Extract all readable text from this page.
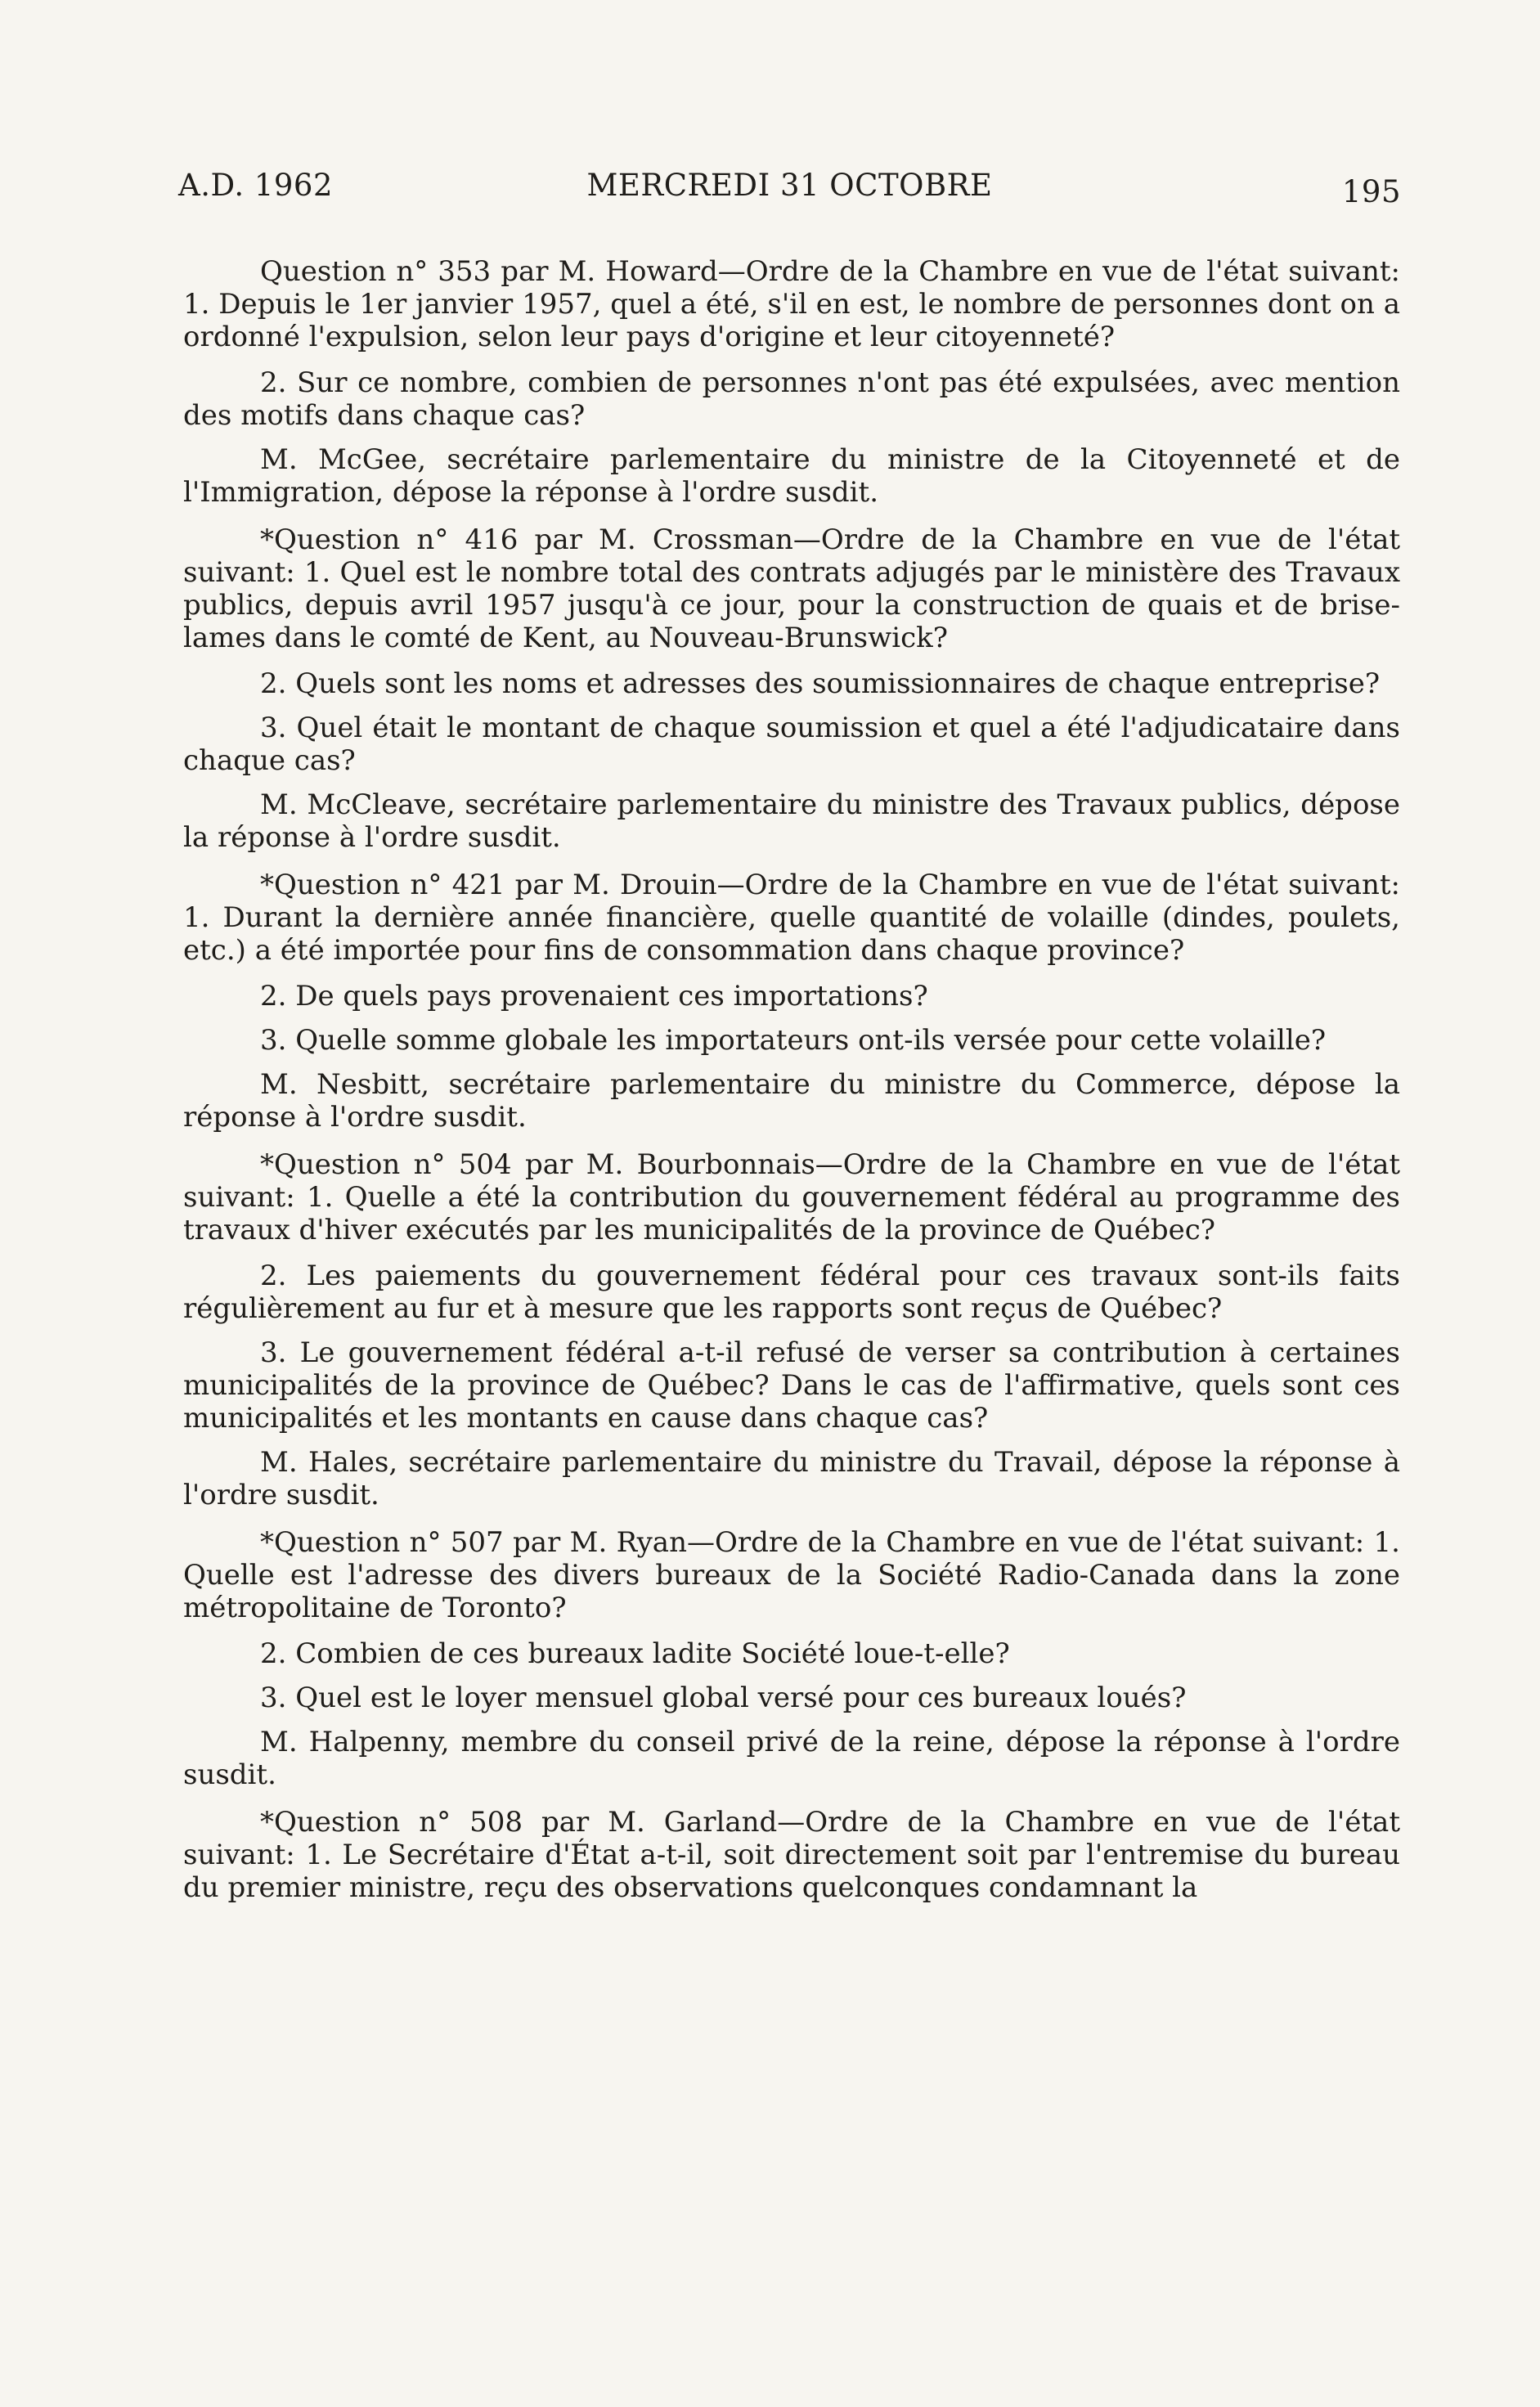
A.D. 1962	MERCREDI 31 OCTOBRE	195

Question n° 353 par M. Howard—Ordre de la Chambre en vue de l'état suivant: 1. Depuis le 1er janvier 1957, quel a été, s'il en est, le nombre de personnes dont on a ordonné l'expulsion, selon leur pays d'origine et leur citoyenneté?

2. Sur ce nombre, combien de personnes n'ont pas été expulsées, avec mention des motifs dans chaque cas?

M. McGee, secrétaire parlementaire du ministre de la Citoyenneté et de l'Immigration, dépose la réponse à l'ordre susdit.

*Question n° 416 par M. Crossman—Ordre de la Chambre en vue de l'état suivant: 1. Quel est le nombre total des contrats adjugés par le ministère des Travaux publics, depuis avril 1957 jusqu'à ce jour, pour la construction de quais et de brise-lames dans le comté de Kent, au Nouveau-Brunswick?

2. Quels sont les noms et adresses des soumissionnaires de chaque entreprise?

3. Quel était le montant de chaque soumission et quel a été l'adjudicataire dans chaque cas?

M. McCleave, secrétaire parlementaire du ministre des Travaux publics, dépose la réponse à l'ordre susdit.

*Question n° 421 par M. Drouin—Ordre de la Chambre en vue de l'état suivant: 1. Durant la dernière année financière, quelle quantité de volaille (dindes, poulets, etc.) a été importée pour fins de consommation dans chaque province?

2. De quels pays provenaient ces importations?

3. Quelle somme globale les importateurs ont-ils versée pour cette volaille?

M. Nesbitt, secrétaire parlementaire du ministre du Commerce, dépose la réponse à l'ordre susdit.

*Question n° 504 par M. Bourbonnais—Ordre de la Chambre en vue de l'état suivant: 1. Quelle a été la contribution du gouvernement fédéral au programme des travaux d'hiver exécutés par les municipalités de la province de Québec?

2. Les paiements du gouvernement fédéral pour ces travaux sont-ils faits régulièrement au fur et à mesure que les rapports sont reçus de Québec?

3. Le gouvernement fédéral a-t-il refusé de verser sa contribution à certaines municipalités de la province de Québec? Dans le cas de l'affirmative, quels sont ces municipalités et les montants en cause dans chaque cas?

M. Hales, secrétaire parlementaire du ministre du Travail, dépose la réponse à l'ordre susdit.

*Question n° 507 par M. Ryan—Ordre de la Chambre en vue de l'état suivant: 1. Quelle est l'adresse des divers bureaux de la Société Radio-Canada dans la zone métropolitaine de Toronto?

2. Combien de ces bureaux ladite Société loue-t-elle?

3. Quel est le loyer mensuel global versé pour ces bureaux loués?

M. Halpenny, membre du conseil privé de la reine, dépose la réponse à l'ordre susdit.

*Question n° 508 par M. Garland—Ordre de la Chambre en vue de l'état suivant: 1. Le Secrétaire d'État a-t-il, soit directement soit par l'entremise du bureau du premier ministre, reçu des observations quelconques condamnant la
